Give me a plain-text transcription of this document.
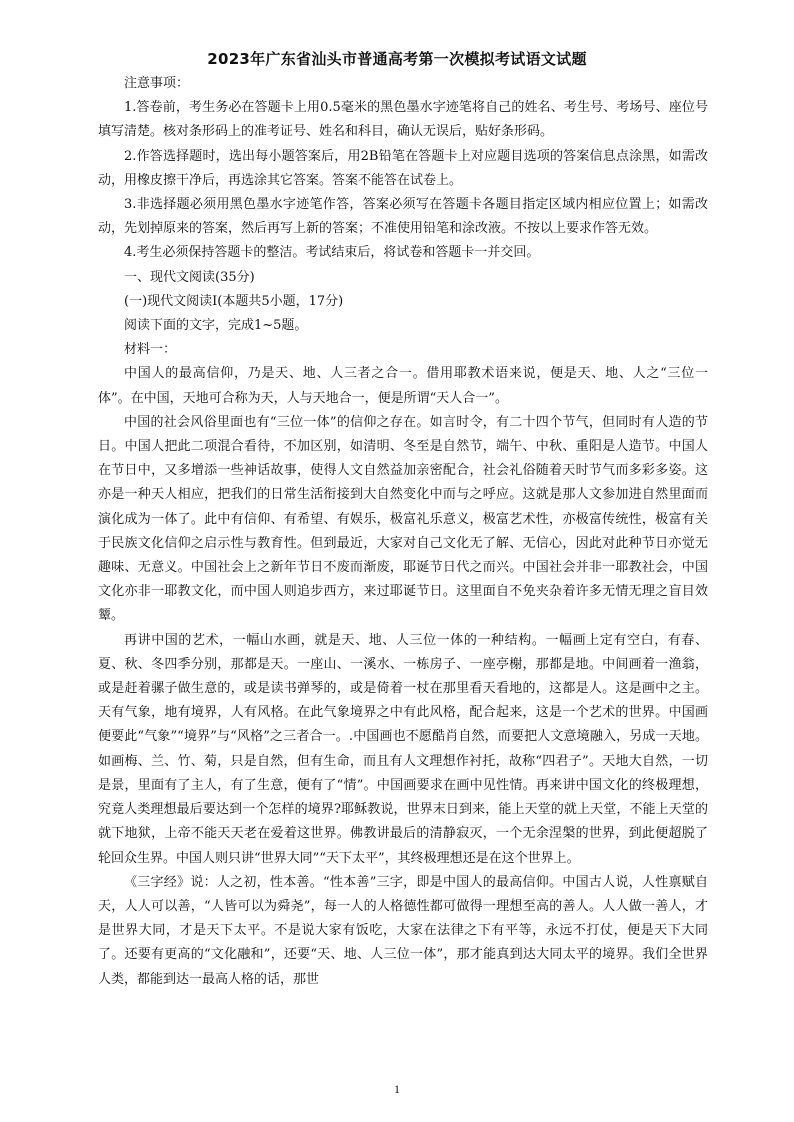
2023年广东省汕头市普通高考第一次模拟考试语文试题

注意事项：

1.答卷前，考生务必在答题卡上用0.5毫米的黑色墨水字迹笔将自己的姓名、考生号、考场号、座位号填写清楚。核对条形码上的准考证号、姓名和科目，确认无误后，贴好条形码。

2.作答选择题时，选出每小题答案后，用2B铅笔在答题卡上对应题目选项的答案信息点涂黑，如需改动，用橡皮擦干净后，再选涂其它答案。答案不能答在试卷上。

3.非选择题必须用黑色墨水字迹笔作答，答案必须写在答题卡各题目指定区域内相应位置上；如需改动，先划掉原来的答案，然后再写上新的答案；不准使用铅笔和涂改液。不按以上要求作答无效。

4.考生必须保持答题卡的整洁。考试结束后，将试卷和答题卡一并交回。

一、现代文阅读(35分)

(一)现代文阅读Ⅰ(本题共5小题，17分)

阅读下面的文字，完成1~5题。

材料一：

中国人的最高信仰，乃是天、地、人三者之合一。借用耶教术语来说，便是天、地、人之“三位一体”。在中国，天地可合称为天，人与天地合一，便是所谓“天人合一”。

中国的社会风俗里面也有“三位一体”的信仰之存在。如言时令，有二十四个节气，但同时有人造的节日。中国人把此二项混合看待，不加区别，如清明、冬至是自然节，端午、中秋、重阳是人造节。中国人在节日中，又多增添一些神话故事，使得人文自然益加亲密配合，社会礼俗随着天时节气而多彩多姿。这亦是一种天人相应，把我们的日常生活衔接到大自然变化中而与之呼应。这就是那人文参加进自然里面而演化成为一体了。此中有信仰、有希望、有娱乐，极富礼乐意义，极富艺术性，亦极富传统性，极富有关于民族文化信仰之启示性与教育性。但到最近，大家对自己文化无了解、无信心，因此对此种节日亦觉无趣味、无意义。中国社会上之新年节日不废而渐废，耶诞节日代之而兴。中国社会并非一耶教社会，中国文化亦非一耶教文化，而中国人则追步西方，来过耶诞节日。这里面自不免夹杂着许多无情无理之盲目效颦。

再讲中国的艺术，一幅山水画，就是天、地、人三位一体的一种结构。一幅画上定有空白，有春、夏、秋、冬四季分别，那都是天。一座山、一溪水、一栋房子、一座亭榭，那都是地。中间画着一渔翁，或是赶着骡子做生意的，或是读书弹琴的，或是倚着一杖在那里看天看地的，这都是人。这是画中之主。天有气象，地有境界，人有风格。在此气象境界之中有此风格，配合起来，这是一个艺术的世界。中国画便要此“气象”“境界”与“风格”之三者合一。.中国画也不愿酷肖自然，而要把人文意境融入，另成一天地。如画梅、兰、竹、菊，只是自然，但有生命，而且有人文理想作衬托，故称“四君子”。天地大自然，一切是景，里面有了主人，有了生意，便有了“情”。中国画要求在画中见性情。再来讲中国文化的终极理想，究竟人类理想最后要达到一个怎样的境界?耶稣教说，世界末日到来，能上天堂的就上天堂，不能上天堂的就下地狱，上帝不能天天老在爱着这世界。佛教讲最后的清静寂灭，一个无余涅槃的世界，到此便超脱了轮回众生界。中国人则只讲“世界大同”“天下太平”，其终极理想还是在这个世界上。

《三字经》说：人之初，性本善。“性本善”三字，即是中国人的最高信仰。中国古人说，人性禀赋自天，人人可以善，“人皆可以为舜尧”，每一人的人格德性都可做得一理想至高的善人。人人做一善人，才是世界大同，才是天下太平。不是说大家有饭吃，大家在法律之下有平等，永远不打仗，便是天下大同了。还要有更高的“文化融和”，还要“天、地、人三位一体”，那才能真到达大同太平的境界。我们全世界人类，都能到达一最高人格的话，那世

1
